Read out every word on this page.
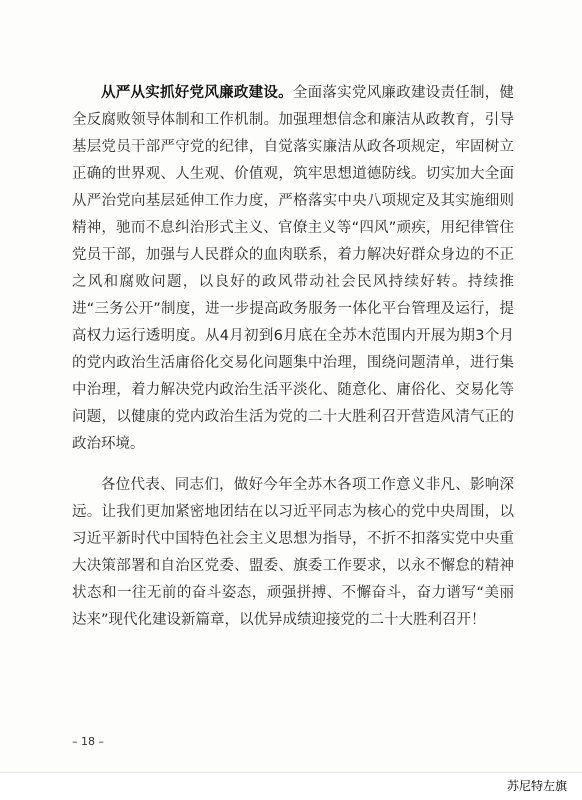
从严从实抓好党风廉政建设。全面落实党风廉政建设责任制，健全反腐败领导体制和工作机制。加强理想信念和廉洁从政教育，引导基层党员干部严守党的纪律，自觉落实廉洁从政各项规定，牢固树立正确的世界观、人生观、价值观，筑牢思想道德防线。切实加大全面从严治党向基层延伸工作力度，严格落实中央八项规定及其实施细则精神，驰而不息纠治形式主义、官僚主义等“四风”顽疾，用纪律管住党员干部，加强与人民群众的血肉联系，着力解决好群众身边的不正之风和腐败问题，以良好的政风带动社会民风持续好转。持续推进“三务公开”制度，进一步提高政务服务一体化平台管理及运行，提高权力运行透明度。从4月初到6月底在全苏木范围内开展为期3个月的党内政治生活庸俗化交易化问题集中治理，围绕问题清单，进行集中治理，着力解决党内政治生活平淡化、随意化、庸俗化、交易化等问题，以健康的党内政治生活为党的二十大胜利召开营造风清气正的政治环境。

各位代表、同志们，做好今年全苏木各项工作意义非凡、影响深远。让我们更加紧密地团结在以习近平同志为核心的党中央周围，以习近平新时代中国特色社会主义思想为指导，不折不扣落实党中央重大决策部署和自治区党委、盟委、旗委工作要求，以永不懈怠的精神状态和一往无前的奋斗姿态，顽强拼搏、不懈奋斗，奋力谱写“美丽达来”现代化建设新篇章，以优异成绩迎接党的二十大胜利召开！

– 18 –
苏尼特左旗
